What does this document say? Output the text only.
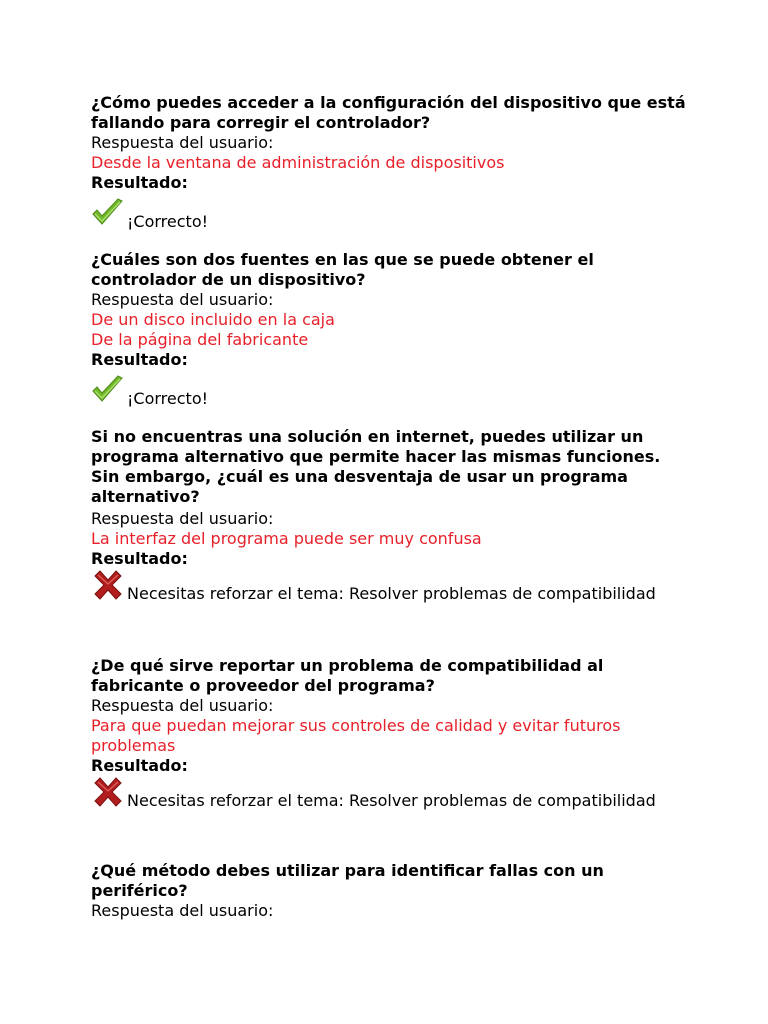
¿Cómo puedes acceder a la configuración del dispositivo que está fallando para corregir el controlador?

Respuesta del usuario:

Desde la ventana de administración de dispositivos

Resultado:

¡Correcto!

¿Cuáles son dos fuentes en las que se puede obtener el controlador de un dispositivo?

Respuesta del usuario:

De un disco incluido en la caja

De la página del fabricante

Resultado:

¡Correcto!

Si no encuentras una solución en internet, puedes utilizar un programa alternativo que permite hacer las mismas funciones. Sin embargo, ¿cuál es una desventaja de usar un programa alternativo?

Respuesta del usuario:

La interfaz del programa puede ser muy confusa

Resultado:

Necesitas reforzar el tema: Resolver problemas de compatibilidad

¿De qué sirve reportar un problema de compatibilidad al fabricante o proveedor del programa?

Respuesta del usuario:

Para que puedan mejorar sus controles de calidad y evitar futuros problemas

Resultado:

Necesitas reforzar el tema: Resolver problemas de compatibilidad

¿Qué método debes utilizar para identificar fallas con un periférico?

Respuesta del usuario:
